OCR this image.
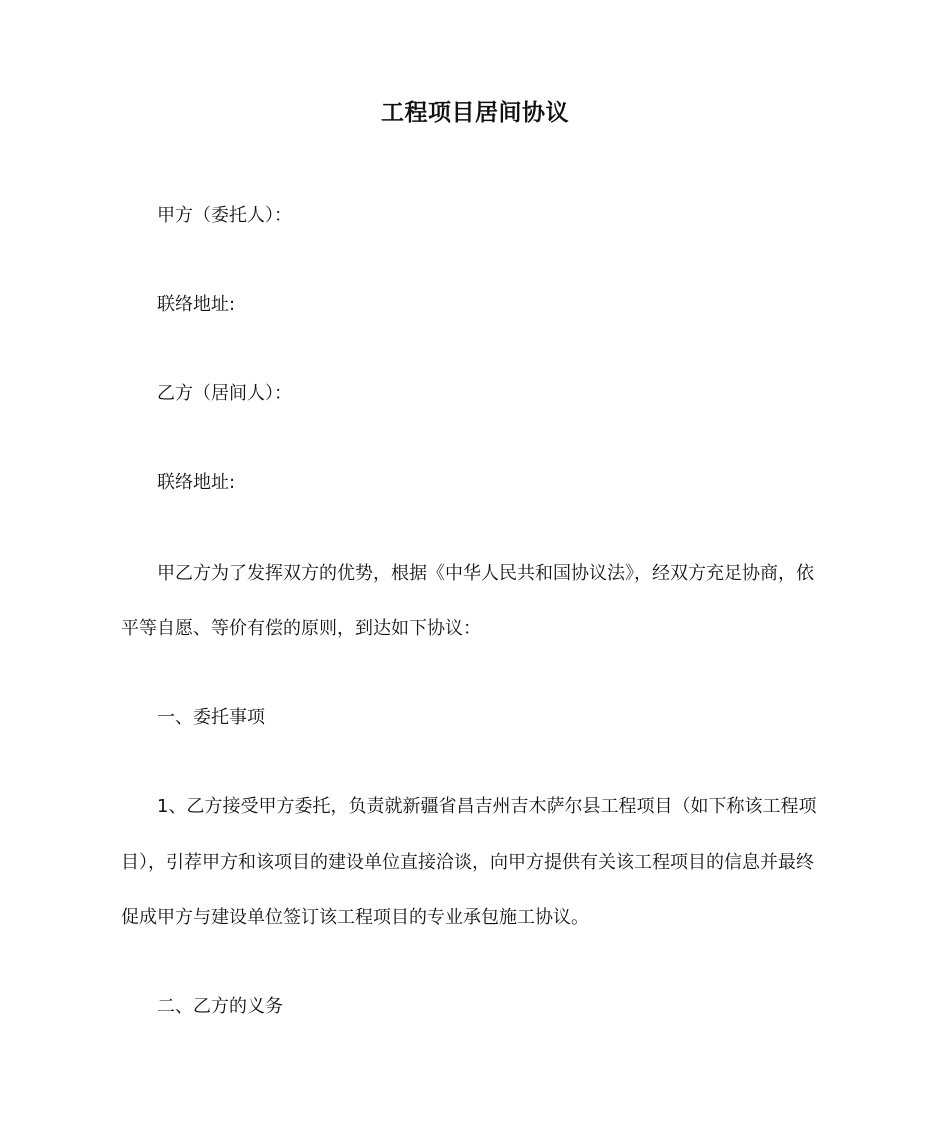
工程项目居间协议
甲方（委托人）：
联络地址:
乙方（居间人）：
联络地址:
甲乙方为了发挥双方的优势，根据《中华人民共和国协议法》，经双方充足协商，依
平等自愿、等价有偿的原则，到达如下协议：
一、委托事项
1、乙方接受甲方委托，负责就新疆省昌吉州吉木萨尔县工程项目（如下称该工程项
目），引荐甲方和该项目的建设单位直接洽谈，向甲方提供有关该工程项目的信息并最终
促成甲方与建设单位签订该工程项目的专业承包施工协议。
二、乙方的义务
